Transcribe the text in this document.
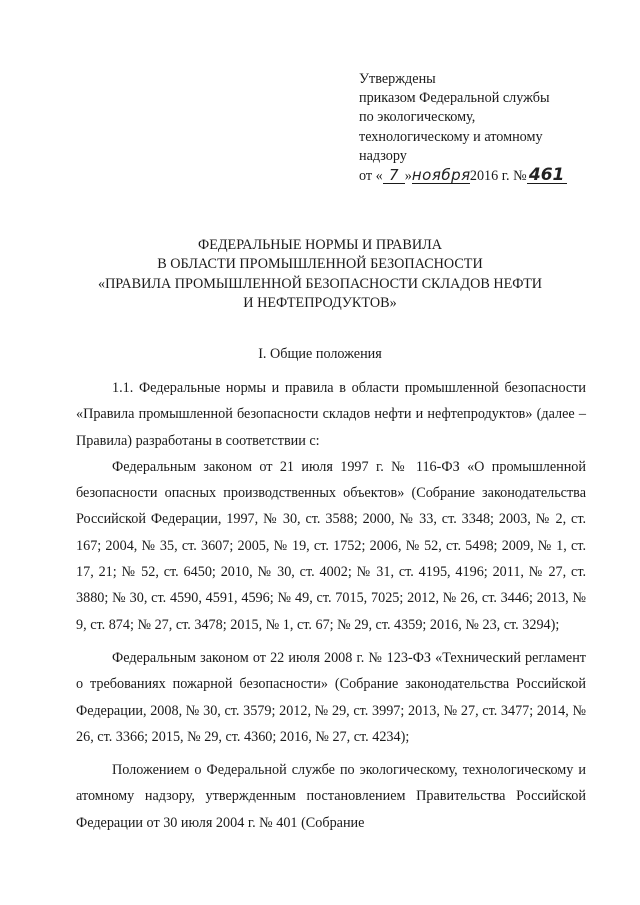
Утверждены
приказом Федеральной службы
по экологическому,
технологическому и атомному
надзору
от « 7 »ноября2016 г. № 461
ФЕДЕРАЛЬНЫЕ НОРМЫ И ПРАВИЛА
В ОБЛАСТИ ПРОМЫШЛЕННОЙ БЕЗОПАСНОСТИ
«ПРАВИЛА ПРОМЫШЛЕННОЙ БЕЗОПАСНОСТИ СКЛАДОВ НЕФТИ
И НЕФТЕПРОДУКТОВ»
I. Общие положения
1.1. Федеральные нормы и правила в области промышленной безопасности «Правила промышленной безопасности складов нефти и нефтепродуктов» (далее – Правила) разработаны в соответствии с:
Федеральным законом от 21 июля 1997 г. № 116-ФЗ «О промышленной безопасности опасных производственных объектов» (Собрание законодательства Российской Федерации, 1997, № 30, ст. 3588; 2000, № 33, ст. 3348; 2003, № 2, ст. 167; 2004, № 35, ст. 3607; 2005, № 19, ст. 1752; 2006, № 52, ст. 5498; 2009, № 1, ст. 17, 21; № 52, ст. 6450; 2010, № 30, ст. 4002; № 31, ст. 4195, 4196; 2011, № 27, ст. 3880; № 30, ст. 4590, 4591, 4596; № 49, ст. 7015, 7025; 2012, № 26, ст. 3446; 2013, № 9, ст. 874; № 27, ст. 3478; 2015, № 1, ст. 67; № 29, ст. 4359; 2016, № 23, ст. 3294);
Федеральным законом от 22 июля 2008 г. № 123-ФЗ «Технический регламент о требованиях пожарной безопасности» (Собрание законодательства Российской Федерации, 2008, № 30, ст. 3579; 2012, № 29, ст. 3997; 2013, № 27, ст. 3477; 2014, № 26, ст. 3366; 2015, № 29, ст. 4360; 2016, № 27, ст. 4234);
Положением о Федеральной службе по экологическому, технологическому и атомному надзору, утвержденным постановлением Правительства Российской Федерации от 30 июля 2004 г. № 401 (Собрание
